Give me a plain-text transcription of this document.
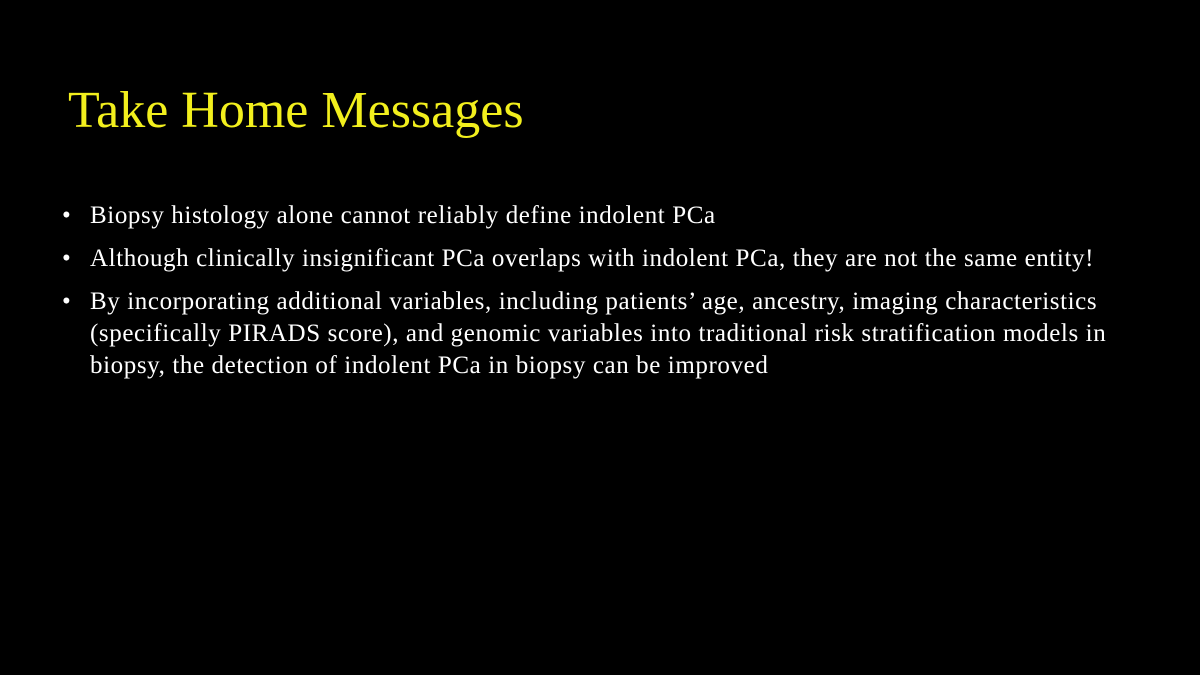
Take Home Messages
• Biopsy histology alone cannot reliably define indolent PCa
• Although clinically insignificant PCa overlaps with indolent PCa, they are not the same entity!
• By incorporating additional variables, including patients’ age, ancestry, imaging characteristics (specifically PIRADS score), and genomic variables into traditional risk stratification models in biopsy, the detection of indolent PCa in biopsy can be improved
